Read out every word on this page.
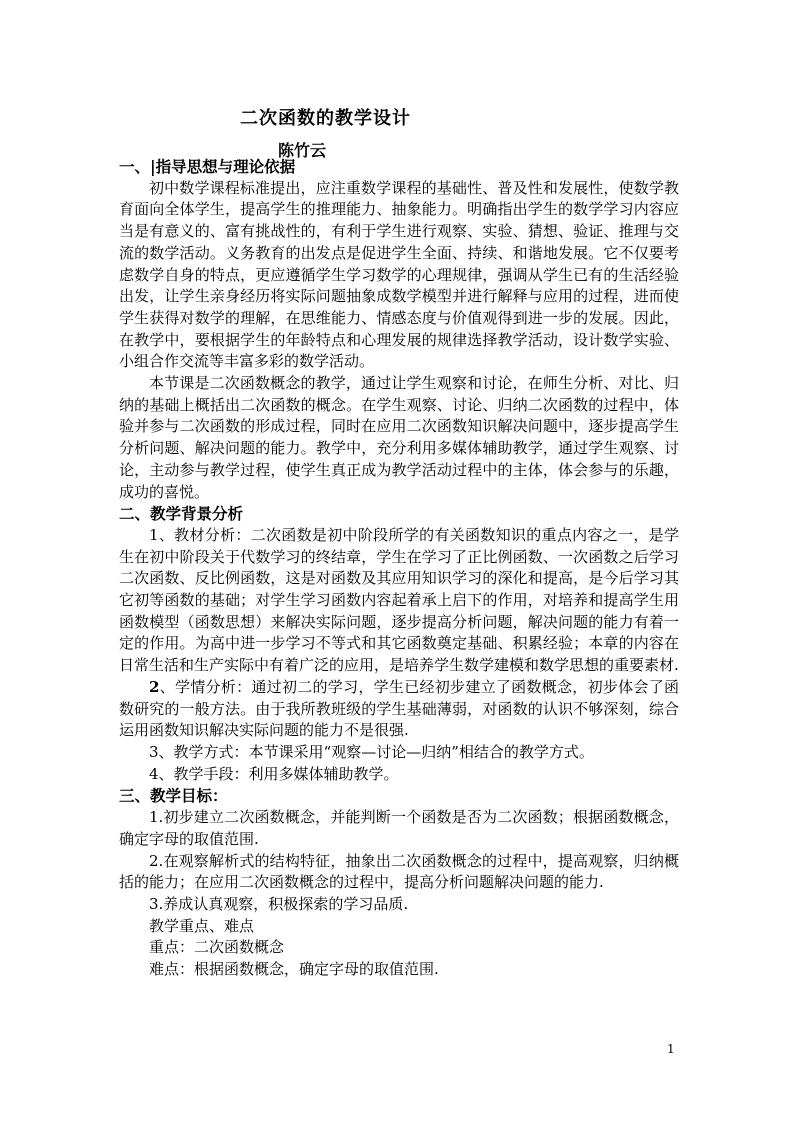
二次函数的教学设计
陈竹云

一、|指导思想与理论依据

初中数学课程标准提出，应注重数学课程的基础性、普及性和发展性，使数学教育面向全体学生，提高学生的推理能力、抽象能力。明确指出学生的数学学习内容应当是有意义的、富有挑战性的，有利于学生进行观察、实验、猜想、验证、推理与交流的数学活动。义务教育的出发点是促进学生全面、持续、和谐地发展。它不仅要考虑数学自身的特点，更应遵循学生学习数学的心理规律，强调从学生已有的生活经验出发，让学生亲身经历将实际问题抽象成数学模型并进行解释与应用的过程，进而使学生获得对数学的理解，在思维能力、情感态度与价值观得到进一步的发展。因此，在教学中，要根据学生的年龄特点和心理发展的规律选择教学活动，设计数学实验、小组合作交流等丰富多彩的数学活动。

本节课是二次函数概念的教学，通过让学生观察和讨论，在师生分析、对比、归纳的基础上概括出二次函数的概念。在学生观察、讨论、归纳二次函数的过程中，体验并参与二次函数的形成过程，同时在应用二次函数知识解决问题中，逐步提高学生分析问题、解决问题的能力。教学中，充分利用多媒体辅助教学，通过学生观察、讨论，主动参与教学过程，使学生真正成为教学活动过程中的主体，体会参与的乐趣，成功的喜悦。

二、教学背景分析

1、教材分析：二次函数是初中阶段所学的有关函数知识的重点内容之一，是学生在初中阶段关于代数学习的终结章，学生在学习了正比例函数、一次函数之后学习二次函数、反比例函数，这是对函数及其应用知识学习的深化和提高，是今后学习其它初等函数的基础；对学生学习函数内容起着承上启下的作用，对培养和提高学生用函数模型（函数思想）来解决实际问题，逐步提高分析问题，解决问题的能力有着一定的作用。为高中进一步学习不等式和其它函数奠定基础、积累经验；本章的内容在日常生活和生产实际中有着广泛的应用，是培养学生数学建模和数学思想的重要素材.

2、学情分析：通过初二的学习，学生已经初步建立了函数概念，初步体会了函数研究的一般方法。由于我所教班级的学生基础薄弱，对函数的认识不够深刻，综合运用函数知识解决实际问题的能力不是很强.

3、教学方式：本节课采用“观察—讨论—归纳”相结合的教学方式。

4、教学手段：利用多媒体辅助教学。

三、教学目标：

1.初步建立二次函数概念，并能判断一个函数是否为二次函数；根据函数概念，确定字母的取值范围.

2.在观察解析式的结构特征，抽象出二次函数概念的过程中，提高观察，归纳概括的能力；在应用二次函数概念的过程中，提高分析问题解决问题的能力.

3.养成认真观察，积极探索的学习品质.

教学重点、难点

重点：二次函数概念

难点：根据函数概念，确定字母的取值范围.

1
